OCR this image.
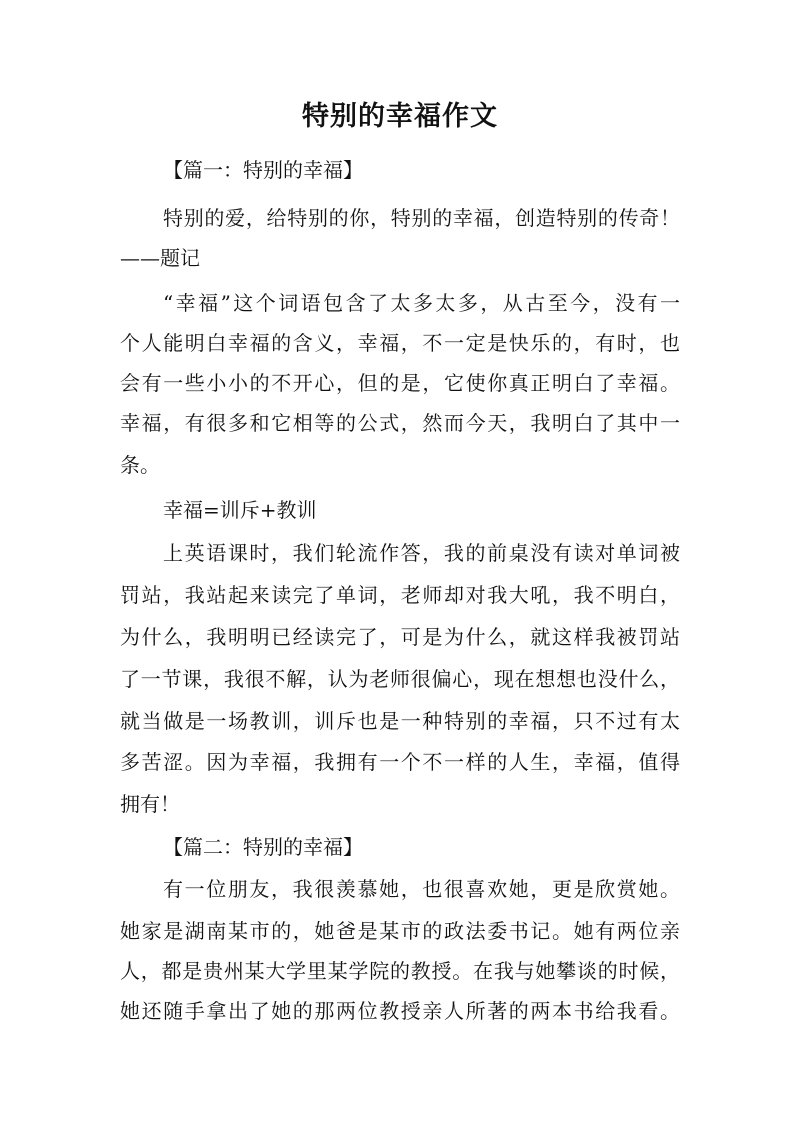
特别的幸福作文
【篇一：特别的幸福】
特别的爱，给特别的你，特别的幸福，创造特别的传奇！
——题记
“幸福”这个词语包含了太多太多，从古至今，没有一
个人能明白幸福的含义，幸福，不一定是快乐的，有时，也
会有一些小小的不开心，但的是，它使你真正明白了幸福。
幸福，有很多和它相等的公式，然而今天，我明白了其中一
条。
幸福=训斥+教训
上英语课时，我们轮流作答，我的前桌没有读对单词被
罚站，我站起来读完了单词，老师却对我大吼，我不明白，
为什么，我明明已经读完了，可是为什么，就这样我被罚站
了一节课，我很不解，认为老师很偏心，现在想想也没什么，
就当做是一场教训，训斥也是一种特别的幸福，只不过有太
多苦涩。因为幸福，我拥有一个不一样的人生，幸福，值得
拥有！
【篇二：特别的幸福】
有一位朋友，我很羡慕她，也很喜欢她，更是欣赏她。
她家是湖南某市的，她爸是某市的政法委书记。她有两位亲
人，都是贵州某大学里某学院的教授。在我与她攀谈的时候，
她还随手拿出了她的那两位教授亲人所著的两本书给我看。
